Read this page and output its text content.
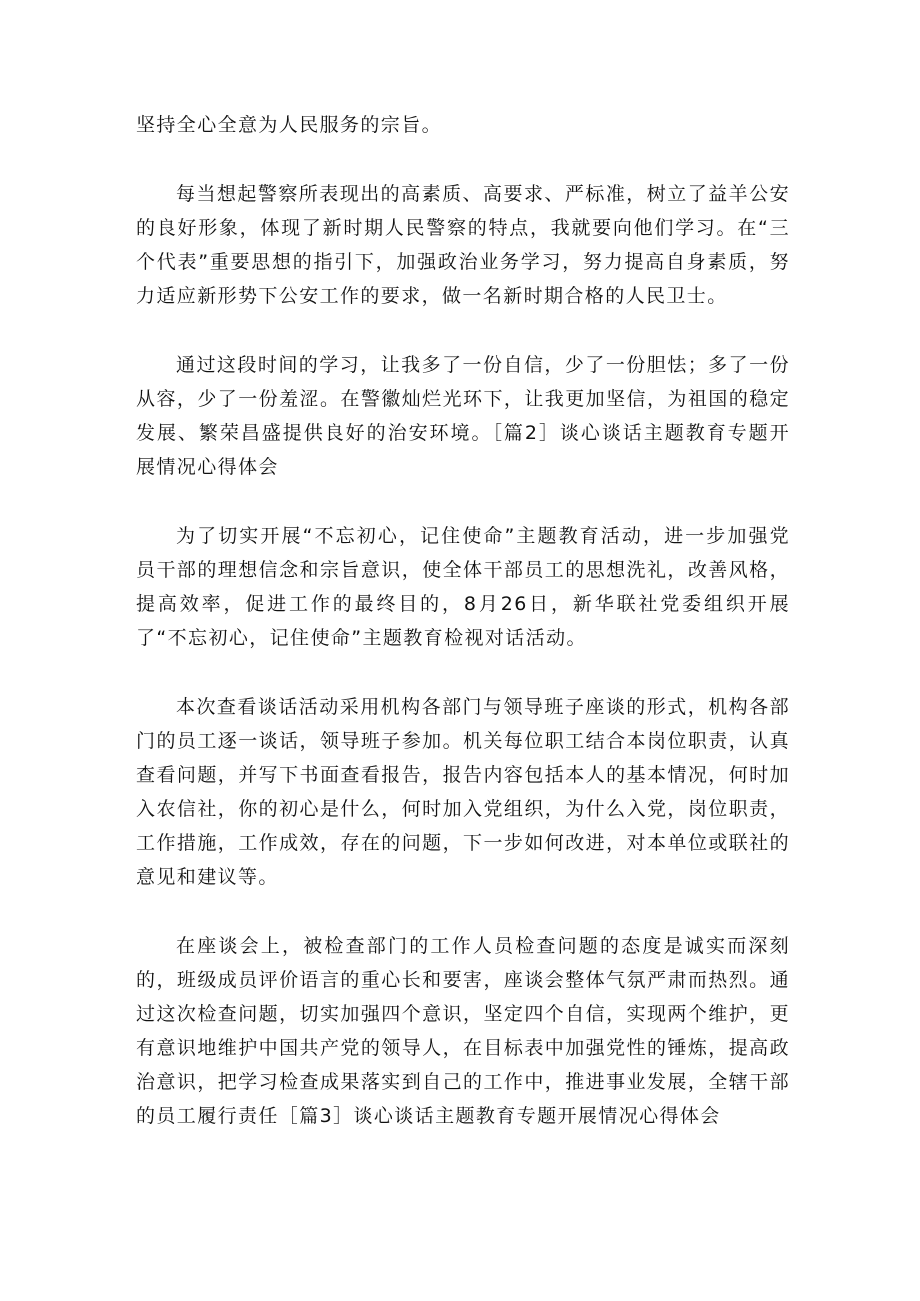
坚持全心全意为人民服务的宗旨。

每当想起警察所表现出的高素质、高要求、严标准，树立了益羊公安的良好形象，体现了新时期人民警察的特点，我就要向他们学习。在“三个代表”重要思想的指引下，加强政治业务学习，努力提高自身素质，努力适应新形势下公安工作的要求，做一名新时期合格的人民卫士。

通过这段时间的学习，让我多了一份自信，少了一份胆怯；多了一份从容，少了一份羞涩。在警徽灿烂光环下，让我更加坚信，为祖国的稳定发展、繁荣昌盛提供良好的治安环境。［篇2］谈心谈话主题教育专题开展情况心得体会

为了切实开展“不忘初心，记住使命”主题教育活动，进一步加强党员干部的理想信念和宗旨意识，使全体干部员工的思想洗礼，改善风格，提高效率，促进工作的最终目的，8月26日，新华联社党委组织开展了“不忘初心，记住使命”主题教育检视对话活动。

本次查看谈话活动采用机构各部门与领导班子座谈的形式，机构各部门的员工逐一谈话，领导班子参加。机关每位职工结合本岗位职责，认真查看问题，并写下书面查看报告，报告内容包括本人的基本情况，何时加入农信社，你的初心是什么，何时加入党组织，为什么入党，岗位职责，工作措施，工作成效，存在的问题，下一步如何改进，对本单位或联社的意见和建议等。

在座谈会上，被检查部门的工作人员检查问题的态度是诚实而深刻的，班级成员评价语言的重心长和要害，座谈会整体气氛严肃而热烈。通过这次检查问题，切实加强四个意识，坚定四个自信，实现两个维护，更有意识地维护中国共产党的领导人，在目标表中加强党性的锤炼，提高政治意识，把学习检查成果落实到自己的工作中，推进事业发展，全辖干部的员工履行责任［篇3］谈心谈话主题教育专题开展情况心得体会
